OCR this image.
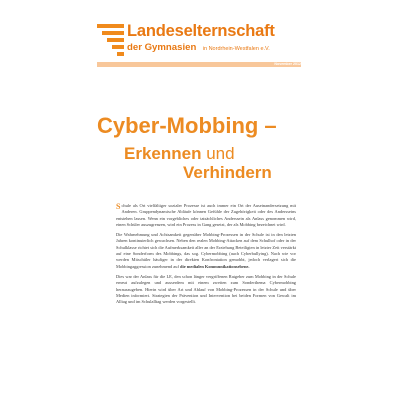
Landeselternschaft
der Gymnasien in Nordrhein-Westfalen e.V.
November 2012
Cyber-Mobbing –
Erkennen und
Verhindern

Schule als Ort vielfältiger sozialer Prozesse ist auch immer ein Ort der Auseinandersetzung mit Anderen. Gruppendynamische Abläufe können Gefühle der Zugehörigkeit oder des Andersseins entstehen lassen. Wenn ein vorgebliches oder tatsächliches Anderssein als Anlass genommen wird, einen Schüler auszugrenzen, wird ein Prozess in Gang gesetzt, der als Mobbing bezeichnet wird.

Die Wahrnehmung und Achtsamkeit gegenüber Mobbing-Prozessen in der Schule ist in den letzten Jahren kontinuierlich gewachsen. Neben den realen Mobbing-Attacken auf dem Schulhof oder in der Schulklasse richtet sich die Aufmerksamkeit aller an der Erziehung Beteiligten in letzter Zeit verstärkt auf eine Sonderform des Mobbings, das sog. Cybermobbing (auch Cyberbullying). Nach wie vor werden Mitschüler häufiger in der direkten Konfrontation gemobbt, jedoch verlagert sich die Mobbingaggression zunehmend auf die medialen Kommunikationsebene.

Dies war der Anlass für die LE, den schon länger vergriffenen Ratgeber zum Mobbing in der Schule erneut aufzulegen und ausserdem mit einem zweiten zum Sonderthema Cybermobbing herauszugeben. Hierin wird über Art und Ablauf von Mobbing-Prozessen in der Schule und über Medien informiert. Strategien der Prävention und Intervention bei beiden Formen von Gewalt im Alltag und im Schulalltag werden vorgestellt.
